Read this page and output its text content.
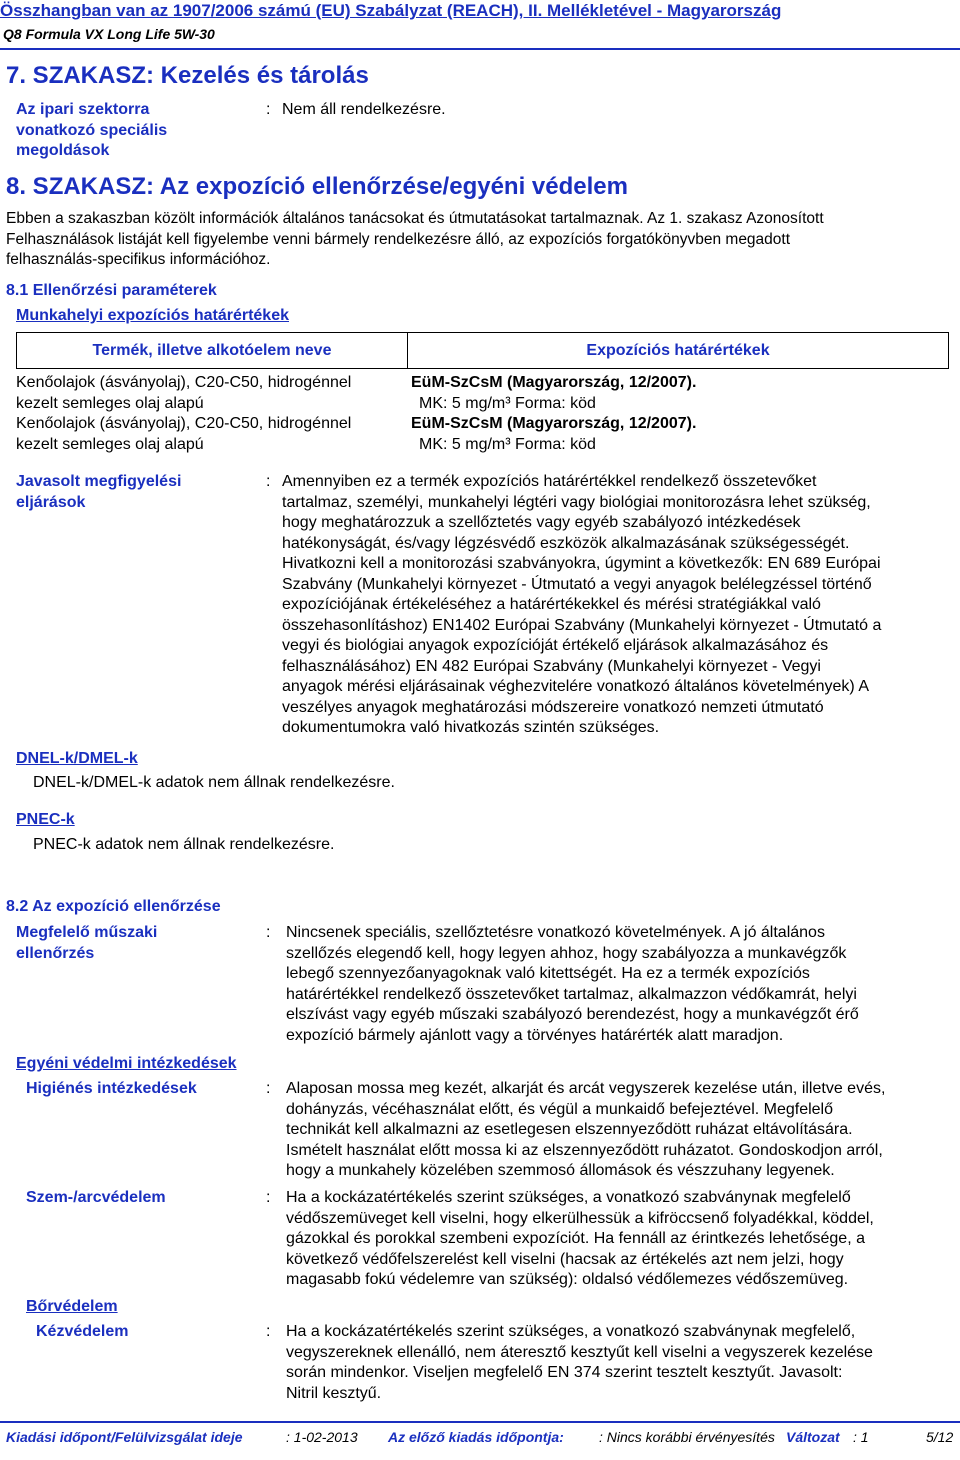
Összhangban van az 1907/2006 számú (EU) Szabályzat (REACH), II. Mellékletével - Magyarország
Q8 Formula VX Long Life 5W-30
7. SZAKASZ: Kezelés és tárolás
Az ipari szektorra
vonatkozó speciális
megoldások
: Nem áll rendelkezésre.
8. SZAKASZ: Az expozíció ellenőrzése/egyéni védelem
Ebben a szakaszban közölt információk általános tanácsokat és útmutatásokat tartalmaznak. Az 1. szakasz Azonosított
Felhasználások listáját kell figyelembe venni bármely rendelkezésre álló, az expozíciós forgatókönyvben megadott
felhasználás-specifikus információhoz.
8.1 Ellenőrzési paraméterek
Munkahelyi expozíciós határértékek
Termék, illetve alkotóelem neve	Expozíciós határértékek
Kenőolajok (ásványolaj), C20-C50, hidrogénnel
kezelt semleges olaj alapú
EüM-SzCsM (Magyarország, 12/2007).
MK: 5 mg/m³ Forma: köd
Kenőolajok (ásványolaj), C20-C50, hidrogénnel
kezelt semleges olaj alapú
EüM-SzCsM (Magyarország, 12/2007).
MK: 5 mg/m³ Forma: köd
Javasolt megfigyelési
eljárások
: Amennyiben ez a termék expozíciós határértékkel rendelkező összetevőket
tartalmaz, személyi, munkahelyi légtéri vagy biológiai monitorozásra lehet szükség,
hogy meghatározzuk a szellőztetés vagy egyéb szabályozó intézkedések
hatékonyságát, és/vagy légzésvédő eszközök alkalmazásának szükségességét.
Hivatkozni kell a monitorozási szabványokra, úgymint a következők: EN 689 Európai
Szabvány (Munkahelyi környezet - Útmutató a vegyi anyagok belélegzéssel történő
expozíciójának értékeléséhez a határértékekkel és mérési stratégiákkal való
összehasonlításhoz) EN1402 Európai Szabvány (Munkahelyi környezet - Útmutató a
vegyi és biológiai anyagok expozícióját értékelő eljárások alkalmazásához és
felhasználásához) EN 482 Európai Szabvány (Munkahelyi környezet - Vegyi
anyagok mérési eljárásainak véghezvitelére vonatkozó általános követelmények) A
veszélyes anyagok meghatározási módszereire vonatkozó nemzeti útmutató
dokumentumokra való hivatkozás szintén szükséges.
DNEL-k/DMEL-k
DNEL-k/DMEL-k adatok nem állnak rendelkezésre.
PNEC-k
PNEC-k adatok nem állnak rendelkezésre.
8.2 Az expozíció ellenőrzése
Megfelelő műszaki
ellenőrzés
: Nincsenek speciális, szellőztetésre vonatkozó követelmények. A jó általános
szellőzés elegendő kell, hogy legyen ahhoz, hogy szabályozza a munkavégzők
lebegő szennyezőanyagoknak való kitettségét. Ha ez a termék expozíciós
határértékkel rendelkező összetevőket tartalmaz, alkalmazzon védőkamrát, helyi
elszívást vagy egyéb műszaki szabályozó berendezést, hogy a munkavégzőt érő
expozíció bármely ajánlott vagy a törvényes határérték alatt maradjon.
Egyéni védelmi intézkedések
Higiénés intézkedések	: Alaposan mossa meg kezét, alkarját és arcát vegyszerek kezelése után, illetve evés,
dohányzás, vécéhasználat előtt, és végül a munkaidő befejeztével. Megfelelő
technikát kell alkalmazni az esetlegesen elszennyeződött ruházat eltávolítására.
Ismételt használat előtt mossa ki az elszennyeződött ruházatot. Gondoskodjon arról,
hogy a munkahely közelében szemmosó állomások és vészzuhany legyenek.
Szem-/arcvédelem	: Ha a kockázatértékelés szerint szükséges, a vonatkozó szabványnak megfelelő
védőszemüveget kell viselni, hogy elkerülhessük a kifröccsenő folyadékkal, köddel,
gázokkal és porokkal szembeni expozíciót. Ha fennáll az érintkezés lehetősége, a
következő védőfelszerelést kell viselni (hacsak az értékelés azt nem jelzi, hogy
magasabb fokú védelemre van szükség): oldalsó védőlemezes védőszemüveg.
Bőrvédelem
Kézvédelem	: Ha a kockázatértékelés szerint szükséges, a vonatkozó szabványnak megfelelő,
vegyszereknek ellenálló, nem áteresztő kesztyűt kell viselni a vegyszerek kezelése
során mindenkor. Viseljen megfelelő EN 374 szerint tesztelt kesztyűt. Javasolt:
Nitril kesztyű.
Kiadási időpont/Felülvizsgálat ideje	: 1-02-2013 Az előző kiadás időpontja:	: Nincs korábbi érvényesítés Változat : 1	5/12
